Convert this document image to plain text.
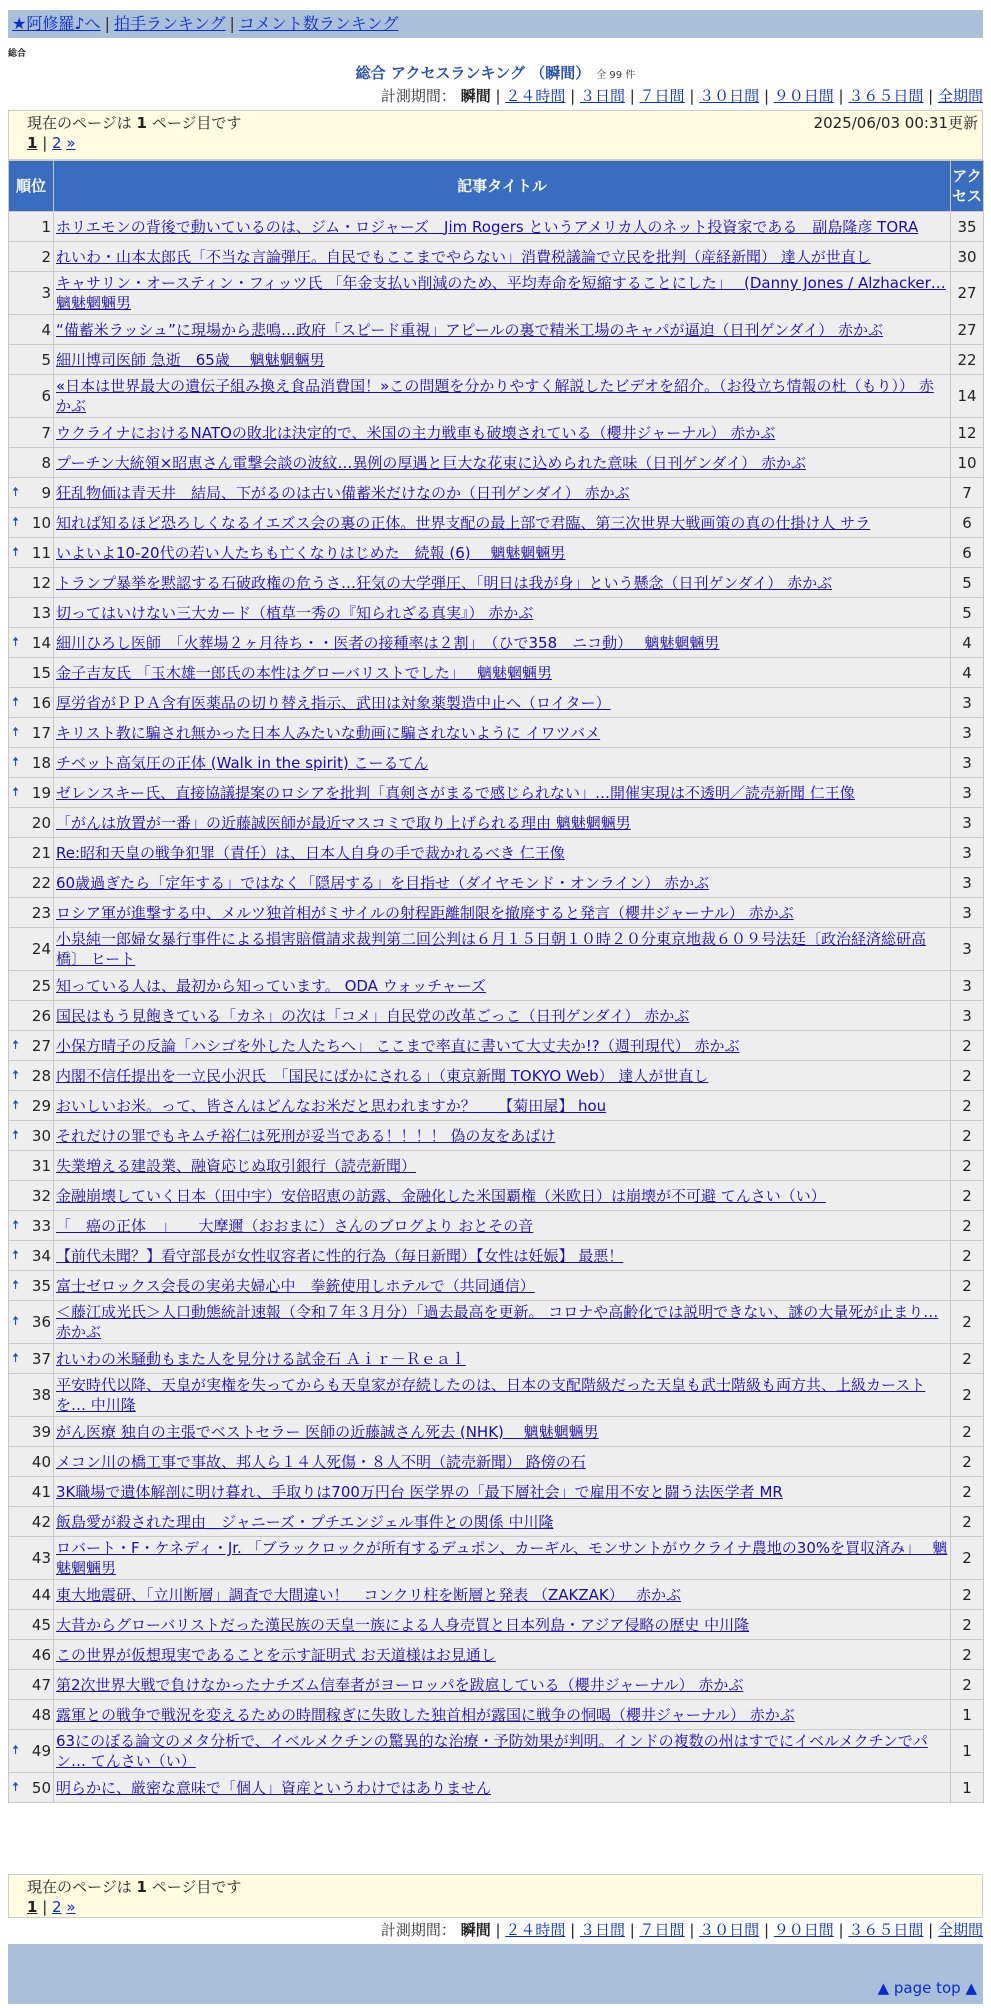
★阿修羅♪へ | 拍手ランキング | コメント数ランキング
総合
総合 アクセスランキング （瞬間） 全 99 件
計測期間： 瞬間 | ２４時間 | ３日間 | ７日間 | ３０日間 | ９０日間 | ３６５日間 | 全期間
現在のページは 1 ページ目です	2025/06/03 00:31更新
1 | 2 »
順位	記事タイトル	アクセス
1	ホリエモンの背後で動いているのは、ジム・ロジャーズ　Jim Rogers というアメリカ人のネット投資家である　副島隆彦 TORA	35
2	れいわ・山本太郎氏「不当な言論弾圧。自民でもここまでやらない」消費税議論で立民を批判（産経新聞） 達人が世直し	30
3	キャサリン・オースティン・フィッツ氏 「年金支払い削減のため、平均寿命を短縮することにした」　 (Danny Jones / Alzhacker… 魑魅魍魎男	27
4	“備蓄米ラッシュ”に現場から悲鳴…政府「スピード重視」アピールの裏で精米工場のキャパが逼迫（日刊ゲンダイ） 赤かぶ	27
5	細川博司医師 急逝　65歳　 魑魅魍魎男	22
6	«日本は世界最大の遺伝子組み換え食品消費国！»この問題を分かりやすく解説したビデオを紹介。（お役立ち情報の杜（もり）） 赤かぶ	14
7	ウクライナにおけるNATOの敗北は決定的で、米国の主力戦車も破壊されている（櫻井ジャーナル） 赤かぶ	12
8	プーチン大統領×昭恵さん電撃会談の波紋…異例の厚遇と巨大な花束に込められた意味（日刊ゲンダイ） 赤かぶ	10

🠅 9	狂乱物価は青天井　結局、下がるのは古い備蓄米だけなのか（日刊ゲンダイ） 赤かぶ	7

🠅 10	知れば知るほど恐ろしくなるイエズス会の裏の正体。世界支配の最上部で君臨、第三次世界大戦画策の真の仕掛け人 サラ	6

🠅 11	いよいよ10-20代の若い人たちも亡くなりはじめた　続報 (6)　 魑魅魍魎男	6
12	トランプ暴挙を黙認する石破政権の危うさ…狂気の大学弾圧、「明日は我が身」という懸念（日刊ゲンダイ） 赤かぶ	5
13	切ってはいけない三大カード（植草一秀の『知られざる真実』） 赤かぶ	5

🠅 14	細川ひろし医師　「火葬場２ヶ月待ち・・医者の接種率は２割」　（ひで358　ニコ動）　 魑魅魍魎男	4
15	金子吉友氏 「玉木雄一郎氏の本性はグローバリストでした」　 魑魅魍魎男	4

🠅 16	厚労省がＰＰＡ含有医薬品の切り替え指示、武田は対象薬製造中止へ（ロイター）	3

🠅 17	キリスト教に騙され無かった日本人みたいな動画に騙されないように イワツバメ	3

🠅 18	チベット高気圧の正体 (Walk in the spirit) こーるてん	3

🠅 19	ゼレンスキー氏、直接協議提案のロシアを批判「真剣さがまるで感じられない」…開催実現は不透明／読売新聞 仁王像	3
20	「がんは放置が一番」の近藤誠医師が最近マスコミで取り上げられる理由 魑魅魍魎男	3
21	Re:昭和天皇の戦争犯罪（責任）は、日本人自身の手で裁かれるべき 仁王像	3
22	60歳過ぎたら「定年する」ではなく「隠居する」を目指せ（ダイヤモンド・オンライン） 赤かぶ	3
23	ロシア軍が進撃する中、メルツ独首相がミサイルの射程距離制限を撤廃すると発言（櫻井ジャーナル） 赤かぶ	3
24	小泉純一郎婦女暴行事件による損害賠償請求裁判第二回公判は６月１５日朝１０時２０分東京地裁６０９号法廷〔政治経済総研高橋〕 ヒート	3
25	知っている人は、最初から知っています。 ODA ウォッチャーズ	3
26	国民はもう見飽きている「カネ」の次は「コメ」自民党の改革ごっこ（日刊ゲンダイ） 赤かぶ	3

🠅 27	小保方晴子の反論「ハシゴを外した人たちへ」 ここまで率直に書いて大丈夫か!?（週刊現代） 赤かぶ	2

🠅 28	内閣不信任提出を一立民小沢氏　「国民にばかにされる」（東京新聞 TOKYO Web） 達人が世直し	2

🠅 29	おいしいお米。って、皆さんはどんなお米だと思われますか？　　【菊田屋】 hou	2

🠅 30	それだけの罪でもキムチ裕仁は死刑が妥当である！！！！ 偽の友をあばけ	2
31	失業増える建設業、融資応じぬ取引銀行（読売新聞）	2
32	金融崩壊していく日本（田中宇）安倍昭恵の訪露、金融化した米国覇権（米欧日）は崩壊が不可避 てんさい（い）	2

🠅 33	「　癌の正体　」　　大摩邇（おおまに）さんのブログより おとその音	2

🠅 34	【前代未聞？】看守部長が女性収容者に性的行為（毎日新聞）【女性は妊娠】 最悪！	2

🠅 35	富士ゼロックス会長の実弟夫婦心中　拳銃使用しホテルで（共同通信）	2

🠅 36	＜藤江成光氏＞人口動態統計速報（令和７年３月分）「過去最高を更新。 コロナや高齢化では説明できない、謎の大量死が止まり… 赤かぶ	2

🠅 37	れいわの米騒動もまた人を見分ける試金石 Ａｉｒ－Ｒｅａｌ	2
38	平安時代以降、天皇が実権を失ってからも天皇家が存続したのは、日本の支配階級だった天皇も武士階級も両方共、上級カーストを… 中川隆	2
39	がん医療 独自の主張でベストセラー 医師の近藤誠さん死去 (NHK)　 魑魅魍魎男	2
40	メコン川の橋工事で事故、邦人ら１４人死傷・８人不明（読売新聞） 路傍の石	2
41	3K職場で遺体解剖に明け暮れ、手取りは700万円台 医学界の「最下層社会」で雇用不安と闘う法医学者 MR	2
42	飯島愛が殺された理由＿ジャニーズ・プチエンジェル事件との関係 中川隆	2
43	ロバート・F・ケネディ・Jr. 「ブラックロックが所有するデュポン、カーギル、モンサントがウクライナ農地の30%を買収済み」　 魑魅魍魎男	2
44	東大地震研、「立川断層」調査で大間違い！　コンクリ柱を断層と発表 （ZAKZAK）　 赤かぶ	2
45	大昔からグローバリストだった漢民族の天皇一族による人身売買と日本列島・アジア侵略の歴史 中川隆	2
46	この世界が仮想現実であることを示す証明式 お天道様はお見通し	2
47	第2次世界大戦で負けなかったナチズム信奉者がヨーロッパを跋扈している（櫻井ジャーナル） 赤かぶ	2
48	露軍との戦争で戦況を変えるための時間稼ぎに失敗した独首相が露国に戦争の恫喝（櫻井ジャーナル） 赤かぶ	1

🠅 49	63にのぼる論文のメタ分析で、イベルメクチンの驚異的な治療・予防効果が判明。インドの複数の州はすでにイベルメクチンでパン… てんさい（い）	1

🠅 50	明らかに、厳密な意味で「個人」資産というわけではありません	1
現在のページは 1 ページ目です
1 | 2 »
計測期間： 瞬間 | ２４時間 | ３日間 | ７日間 | ３０日間 | ９０日間 | ３６５日間 | 全期間
▲ page top ▲
